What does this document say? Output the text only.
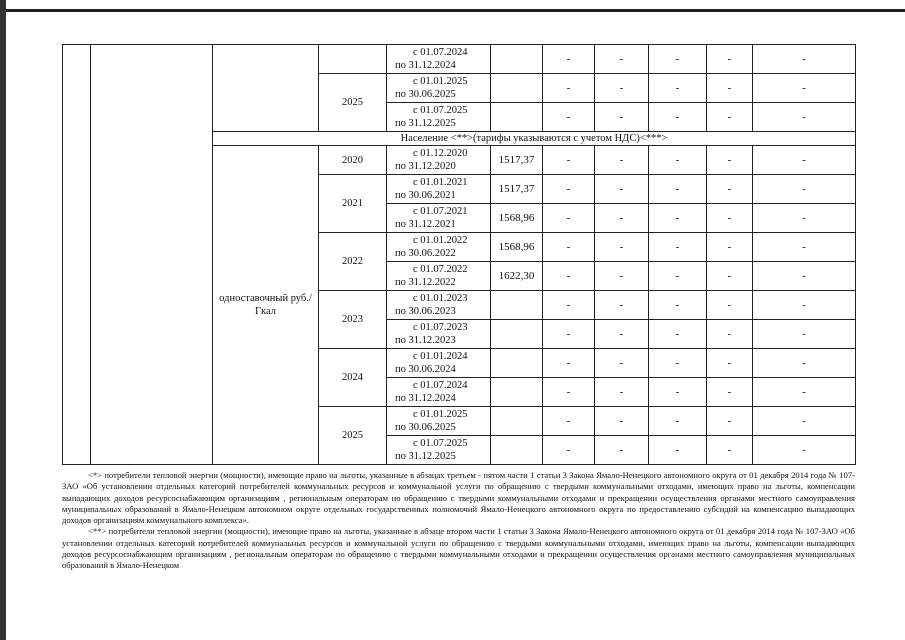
				с 01.07.2024
по 31.12.2024		-	-	-	-	-
			2025	с 01.01.2025
по 30.06.2025		-	-	-	-	-

				с 01.07.2025
по 31.12.2025		-	-	-	-	-
		Население <**>(тарифы указываются с учетом НДС)<***>								
		одноставочный руб./Гкал	2020	с 01.12.2020
по 31.12.2020	1517,37	-	-	-	-	-
			2021	с 01.01.2021
по 30.06.2021	1517,37	-	-	-	-	-

				с 01.07.2021
по 31.12.2021	1568,96	-	-	-	-	-
			2022	с 01.01.2022
по 30.06.2022	1568,96	-	-	-	-	-

				с 01.07.2022
по 31.12.2022	1622,30	-	-	-	-	-
			2023	с 01.01.2023
по 30.06.2023		-	-	-	-	-

				с 01.07.2023
по 31.12.2023		-	-	-	-	-
			2024	с 01.01.2024
по 30.06.2024		-	-	-	-	-

				с 01.07.2024
по 31.12.2024		-	-	-	-	-
			2025	с 01.01.2025
по 30.06.2025		-	-	-	-	-

				с 01.07.2025
по 31.12.2025		-	-	-	-	-

<*> потребители тепловой энергии (мощности), имеющие право на льготы, указанные в абзацах третьем - пятом части 1 статьи 3 Закона Ямало-Ненецкого автономного округа от 01 декабря 2014 года № 107-ЗАО «Об установлении отдельных категорий потребителей коммунальных ресурсов и коммунальной услуги по обращению с твердыми коммунальными отходами, имеющих право на льготы, компенсации выпадающих доходов ресурсоснабжающим организациям , региональным операторам по обращению с твердыми коммунальными отходами и прекращении осуществления органами местного самоуправления муниципальных образований в Ямало-Ненецком автономном округе отдельных государственных полномочий Ямало-Ненецкого автономного округа по предоставлению субсидий на компенсацию выпадающих доходов организациям коммунального комплекса».

<**> потребители тепловой энергии (мощности), имеющие право на льготы, указанные в абзаце втором части 1 статьи 3 Закона Ямало-Ненецкого автономного округа от 01 декабря 2014 года № 107-ЗАО «Об установлении отдельных категорий потребителей коммунальных ресурсов и коммунальной услуги по обращению с твердыми коммунальными отходами, имеющих право на льготы, компенсации выпадающих доходов ресурсоснабжающим организациям , региональным операторам по обращению с твердыми коммунальными отходами и прекращении осуществления органами местного самоуправления муниципальных образований в Ямало-Ненецком
